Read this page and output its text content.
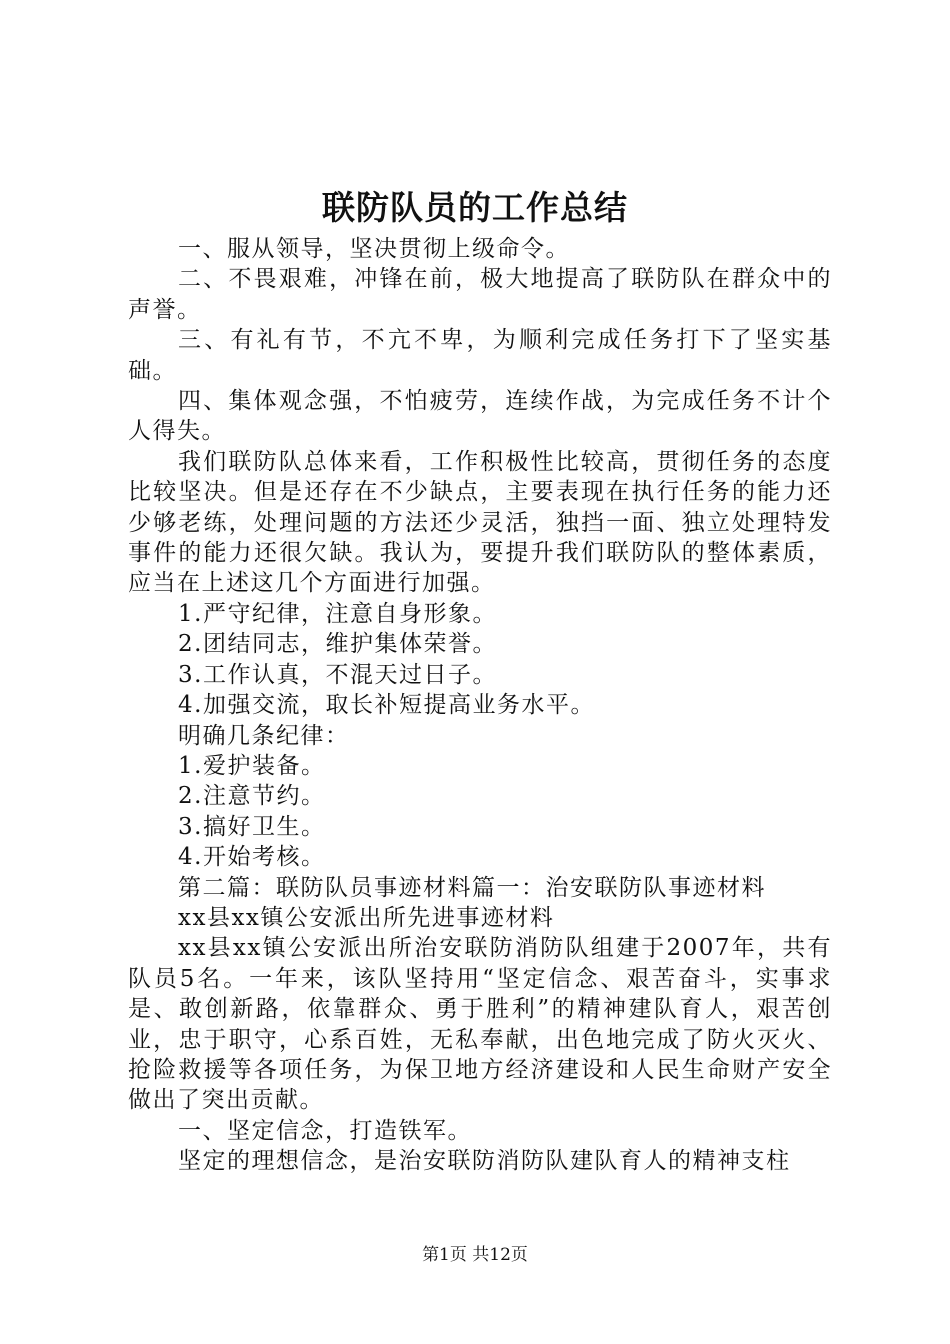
联防队员的工作总结

一、服从领导，坚决贯彻上级命令。

二、不畏艰难，冲锋在前，极大地提高了联防队在群众中的声誉。

三、有礼有节，不亢不卑，为顺利完成任务打下了坚实基础。

四、集体观念强，不怕疲劳，连续作战，为完成任务不计个人得失。

我们联防队总体来看，工作积极性比较高，贯彻任务的态度比较坚决。但是还存在不少缺点，主要表现在执行任务的能力还少够老练，处理问题的方法还少灵活，独挡一面、独立处理特发事件的能力还很欠缺。我认为，要提升我们联防队的整体素质，应当在上述这几个方面进行加强。

1.严守纪律，注意自身形象。

2.团结同志，维护集体荣誉。

3.工作认真，不混天过日子。

4.加强交流，取长补短提高业务水平。

明确几条纪律：

1.爱护装备。

2.注意节约。

3.搞好卫生。

4.开始考核。

第二篇：联防队员事迹材料篇一：治安联防队事迹材料

xx县xx镇公安派出所先进事迹材料

xx县xx镇公安派出所治安联防消防队组建于2007年，共有队员5名。一年来，该队坚持用“坚定信念、艰苦奋斗，实事求是、敢创新路，依靠群众、勇于胜利”的精神建队育人，艰苦创业，忠于职守，心系百姓，无私奉献，出色地完成了防火灭火、抢险救援等各项任务，为保卫地方经济建设和人民生命财产安全做出了突出贡献。

一、坚定信念，打造铁军。

坚定的理想信念，是治安联防消防队建队育人的精神支柱

第1页 共12页
